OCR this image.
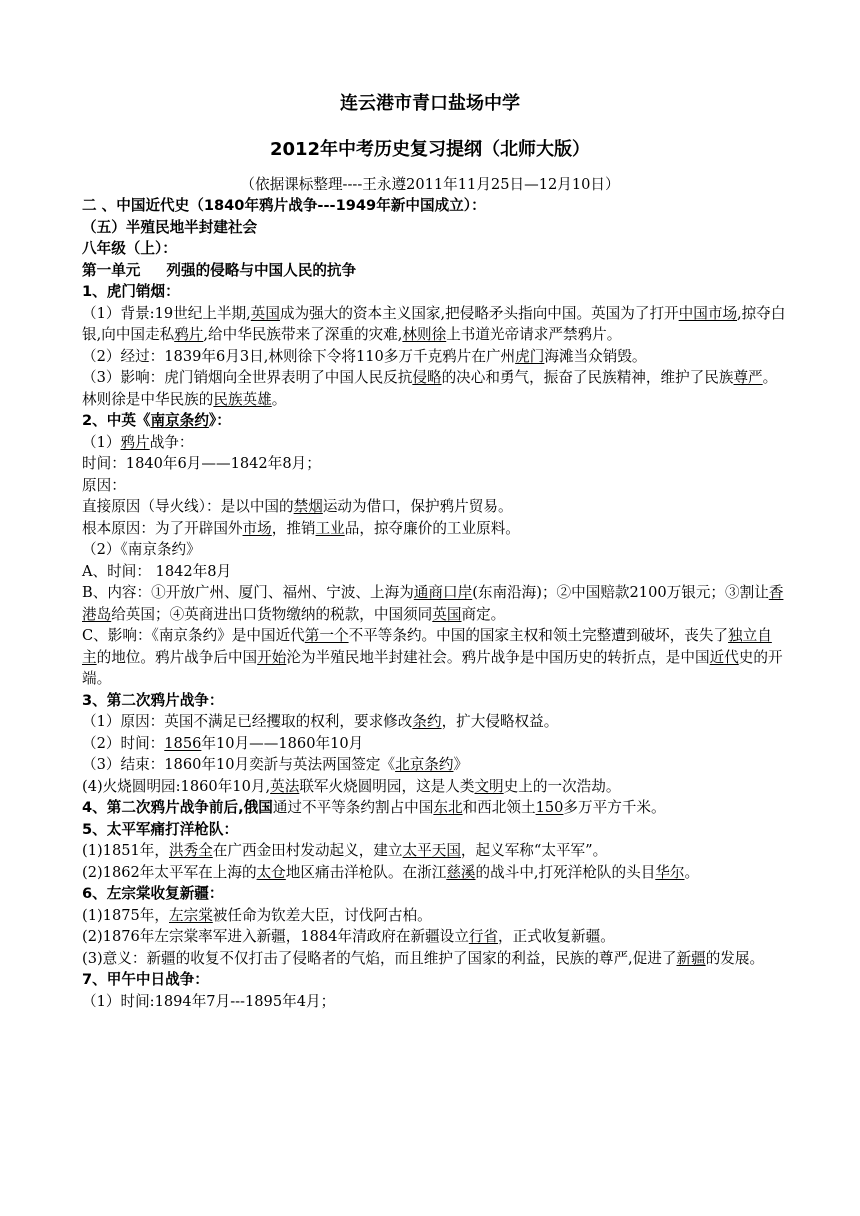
连云港市青口盐场中学
2012年中考历史复习提纲（北师大版）
（依据课标整理----王永遵2011年11月25日—12月10日）

二 、中国近代史（1840年鸦片战争---1949年新中国成立）：

（五）半殖民地半封建社会

八年级（上）：

第一单元 列强的侵略与中国人民的抗争

1、虎门销烟：

（1）背景:19世纪上半期,英国成为强大的资本主义国家,把侵略矛头指向中国。英国为了打开中国市场,掠夺白银,向中国走私鸦片,给中华民族带来了深重的灾难,林则徐上书道光帝请求严禁鸦片。

（2）经过：1839年6月3日,林则徐下令将110多万千克鸦片在广州虎门海滩当众销毁。

（3）影响：虎门销烟向全世界表明了中国人民反抗侵略的决心和勇气，振奋了民族精神，维护了民族尊严。林则徐是中华民族的民族英雄。

2、中英《南京条约》：

（1）鸦片战争：

时间：1840年6月——1842年8月；

原因：

直接原因（导火线）：是以中国的禁烟运动为借口，保护鸦片贸易。

根本原因：为了开辟国外市场，推销工业品，掠夺廉价的工业原料。

（2）《南京条约》

A、时间： 1842年8月

B、内容：①开放广州、厦门、福州、宁波、上海为通商口岸(东南沿海)；②中国赔款2100万银元；③割让香港岛给英国；④英商进出口货物缴纳的税款，中国须同英国商定。

C、影响：《南京条约》是中国近代第一个不平等条约。中国的国家主权和领土完整遭到破坏，丧失了独立自主的地位。鸦片战争后中国开始沦为半殖民地半封建社会。鸦片战争是中国历史的转折点，是中国近代史的开端。

3、第二次鸦片战争：

（1）原因：英国不满足已经攫取的权利，要求修改条约，扩大侵略权益。

（2）时间：1856年10月——1860年10月

（3）结束：1860年10月奕訢与英法两国签定《北京条约》

(4)火烧圆明园:1860年10月,英法联军火烧圆明园，这是人类文明史上的一次浩劫。

4、第二次鸦片战争前后,俄国通过不平等条约割占中国东北和西北领土150多万平方千米。

5、太平军痛打洋枪队：

(1)1851年，洪秀全在广西金田村发动起义，建立太平天国，起义军称“太平军”。

(2)1862年太平军在上海的太仓地区痛击洋枪队。在浙江慈溪的战斗中,打死洋枪队的头目华尔。

6、左宗棠收复新疆：

(1)1875年，左宗棠被任命为钦差大臣，讨伐阿古柏。

(2)1876年左宗棠率军进入新疆，1884年清政府在新疆设立行省，正式收复新疆。

(3)意义：新疆的收复不仅打击了侵略者的气焰，而且维护了国家的利益，民族的尊严,促进了新疆的发展。

7、甲午中日战争：

（1）时间:1894年7月---1895年4月；
